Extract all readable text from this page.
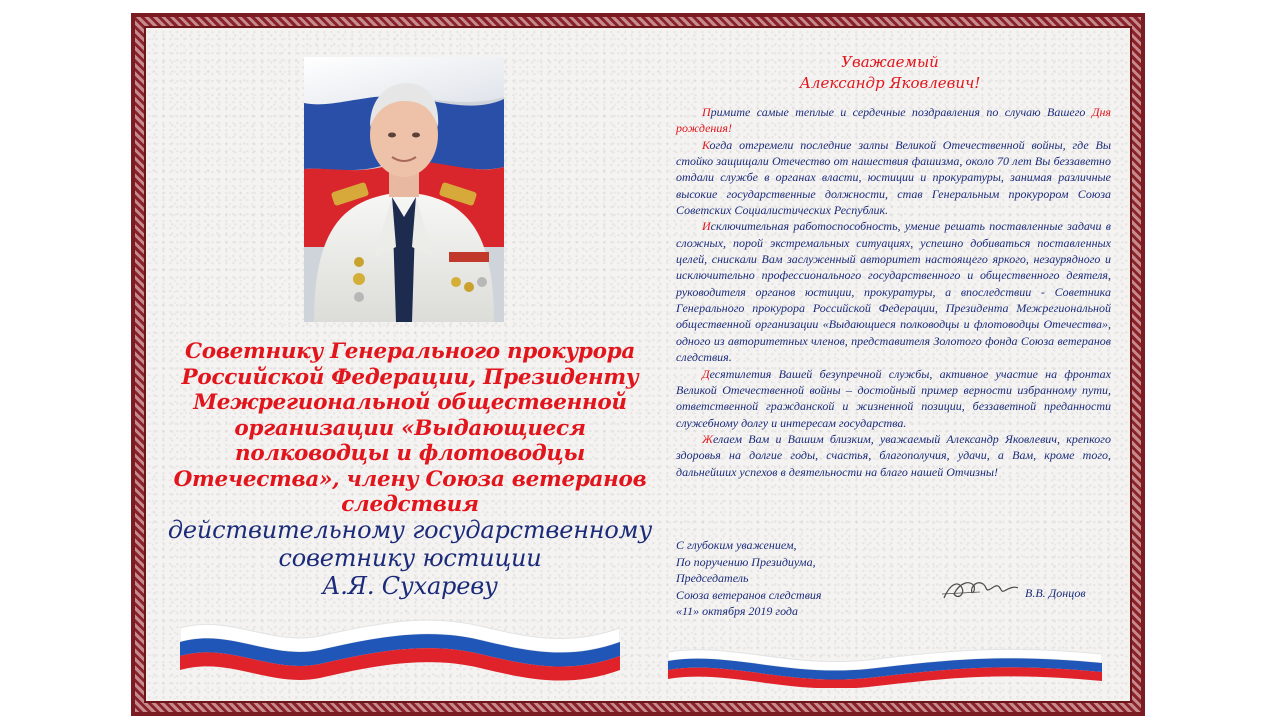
Советнику Генерального прокурора
Российской Федерации, Президенту
Межрегиональной общественной
организации «Выдающиеся
полководцы и флотоводцы
Отечества», члену Союза ветеранов
следствия
действительному государственному
советнику юстиции
А.Я. Сухареву
Уважаемый
Александр Яковлевич!

Примите самые теплые и сердечные поздравления по случаю Вашего Дня рождения!

Когда отгремели последние залпы Великой Отечественной войны, где Вы стойко защищали Отечество от нашествия фашизма, около 70 лет Вы беззаветно отдали службе в органах власти, юстиции и прокуратуры, занимая различные высокие государственные должности, став Генеральным прокурором Союза Советских Социалистических Республик.

Исключительная работоспособность, умение решать поставленные задачи в сложных, порой экстремальных ситуациях, успешно добиваться поставленных целей, снискали Вам заслуженный авторитет настоящего яркого, незаурядного и исключительно профессионального государственного и общественного деятеля, руководителя органов юстиции, прокуратуры, а впоследствии - Советника Генерального прокурора Российской Федерации, Президента Межрегиональной общественной организации «Выдающиеся полководцы и флотоводцы Отечества», одного из авторитетных членов, представителя Золотого фонда Союза ветеранов следствия.

Десятилетия Вашей безупречной службы, активное участие на фронтах Великой Отечественной войны – достойный пример верности избранному пути, ответственной гражданской и жизненной позиции, беззаветной преданности служебному долгу и интересам государства.

Желаем Вам и Вашим близким, уважаемый Александр Яковлевич, крепкого здоровья на долгие годы, счастья, благополучия, удачи, а Вам, кроме того, дальнейших успехов в деятельности на благо нашей Отчизны!

С глубоким уважением,
По поручению Президиума,
Председатель
Союза ветеранов следствия
«11» октября 2019 года
В.В. Донцов
